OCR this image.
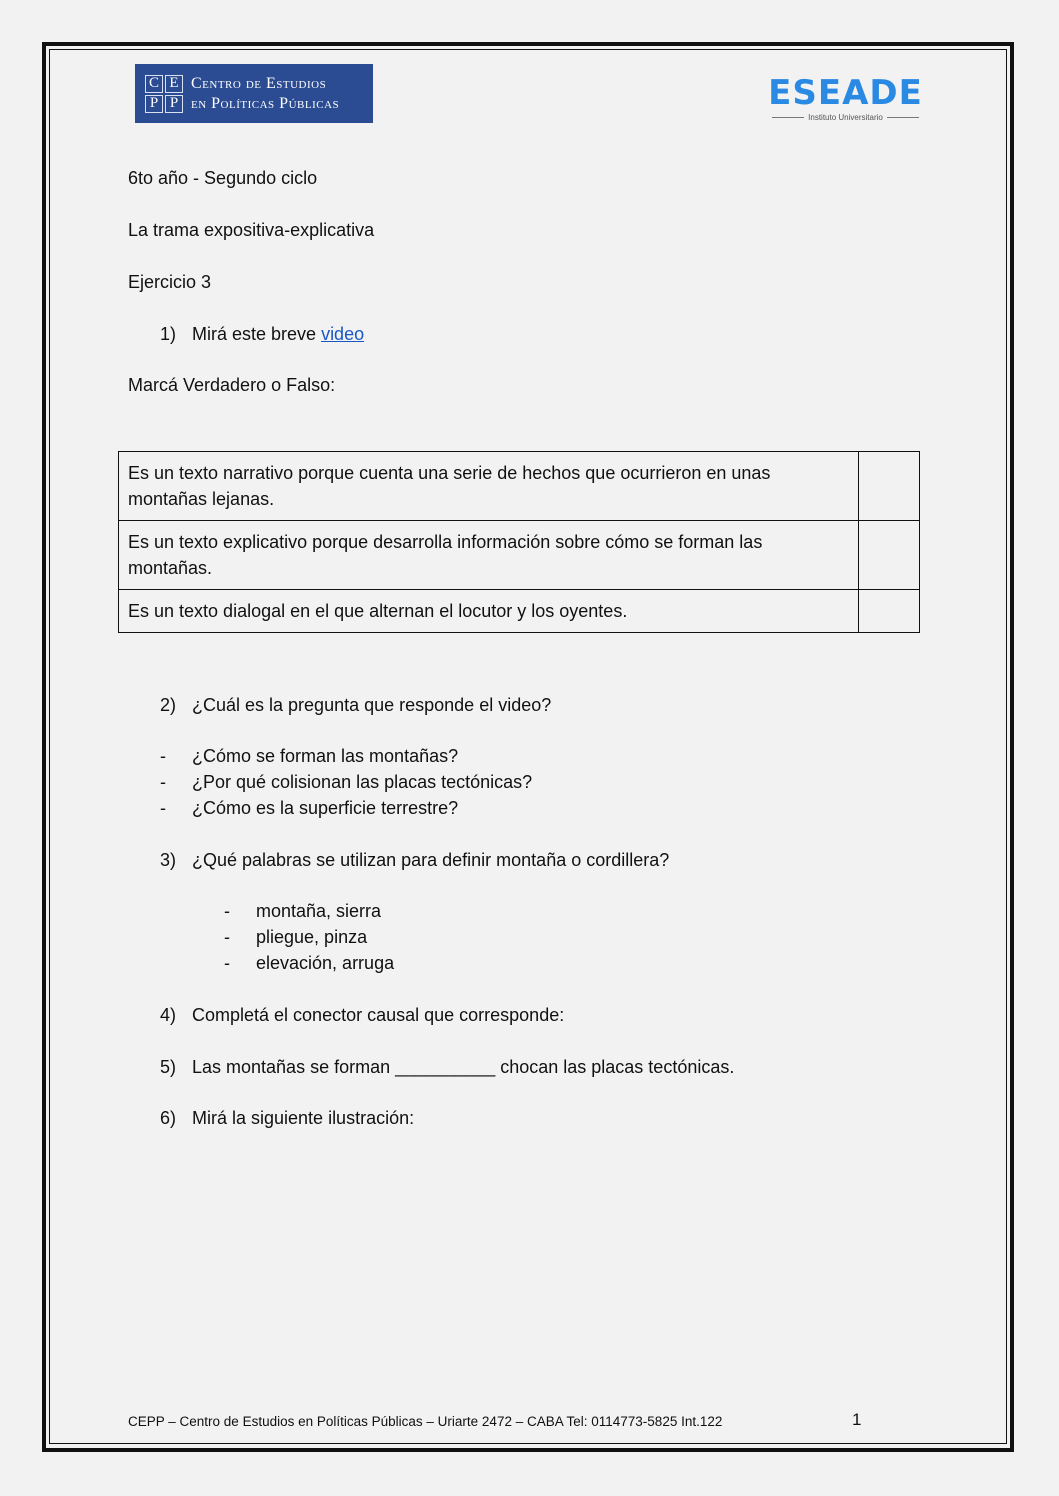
C E
P P
Centro de Estudios
en Políticas Públicas	ESEADE
Instituto Universitario
6to año - Segundo ciclo
La trama expositiva-explicativa
Ejercicio 3
1) Mirá este breve video
Marcá Verdadero o Falso:
Es un texto narrativo porque cuenta una serie de hechos que ocurrieron en unas montañas lejanas.	
Es un texto explicativo porque desarrolla información sobre cómo se forman las montañas.	
Es un texto dialogal en el que alternan el locutor y los oyentes.	
2) ¿Cuál es la pregunta que responde el video?
- ¿Cómo se forman las montañas?
- ¿Por qué colisionan las placas tectónicas?
- ¿Cómo es la superficie terrestre?
3) ¿Qué palabras se utilizan para definir montaña o cordillera?
- montaña, sierra
- pliegue, pinza
- elevación, arruga
4) Completá el conector causal que corresponde:
5) Las montañas se forman __________ chocan las placas tectónicas.
6) Mirá la siguiente ilustración:
CEPP – Centro de Estudios en Políticas Públicas – Uriarte 2472 – CABA Tel: 0114773-5825 Int.122	1
